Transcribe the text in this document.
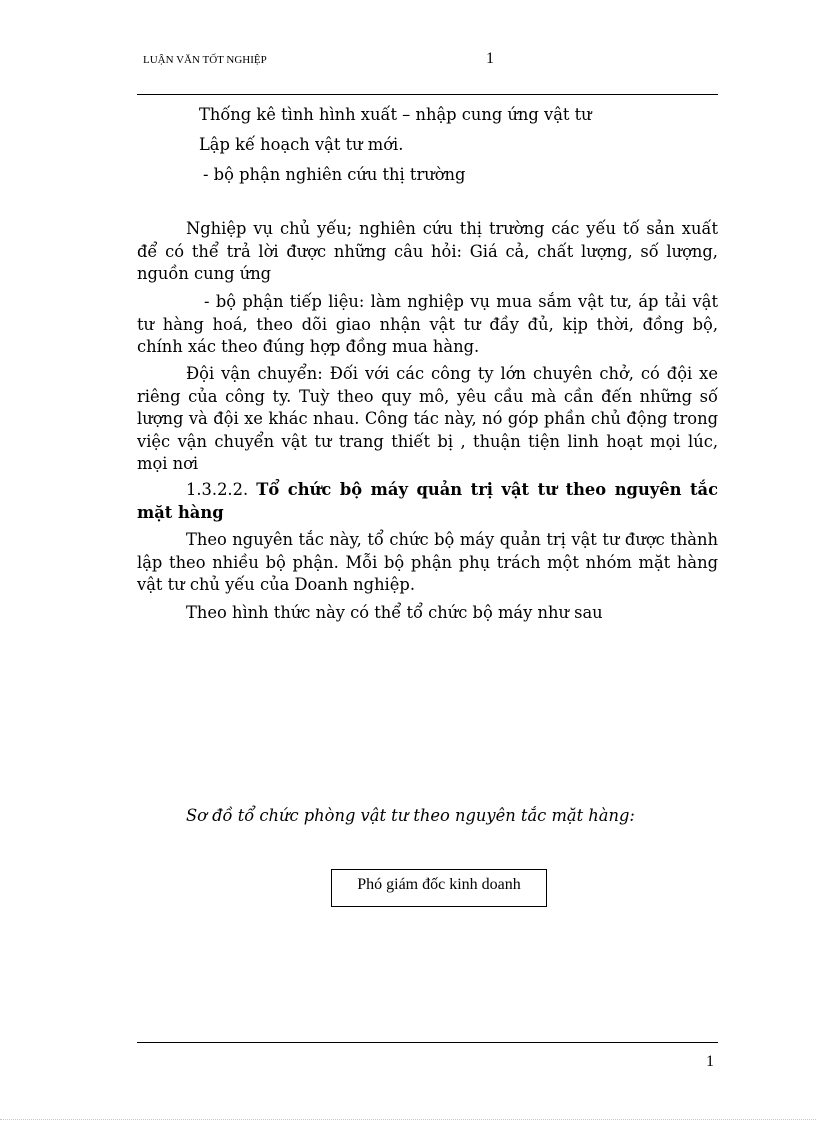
LUẬN VĂN TỐT NGHIỆP	1
Thống kê tình hình xuất – nhập cung ứng vật tư
Lập kế hoạch vật tư mới.
- bộ phận nghiên cứu thị trường
Nghiệp vụ chủ yếu; nghiên cứu thị trường các yếu tố sản xuất để có thể trả lời được những câu hỏi: Giá cả, chất lượng, số lượng, nguồn cung ứng
- bộ phận tiếp liệu: làm nghiệp vụ mua sắm vật tư, áp tải vật tư hàng hoá, theo dõi giao nhận vật tư đầy đủ, kịp thời, đồng bộ, chính xác theo đúng hợp đồng mua hàng.
Đội vận chuyển: Đối với các công ty lớn chuyên chở, có đội xe riêng của công ty. Tuỳ theo quy mô, yêu cầu mà cần đến những số lượng và đội xe khác nhau. Công tác này, nó góp phần chủ động trong việc vận chuyển vật tư trang thiết bị , thuận tiện linh hoạt mọi lúc, mọi nơi
1.3.2.2. Tổ chức bộ máy quản trị vật tư theo nguyên tắc mặt hàng
Theo nguyên tắc này, tổ chức bộ máy quản trị vật tư được thành lập theo nhiều bộ phận. Mỗi bộ phận phụ trách một nhóm mặt hàng vật tư chủ yếu của Doanh nghiệp.
Theo hình thức này có thể tổ chức bộ máy như sau
Sơ đồ tổ chức phòng vật tư theo nguyên tắc mặt hàng:
Phó giám đốc kinh doanh
1
